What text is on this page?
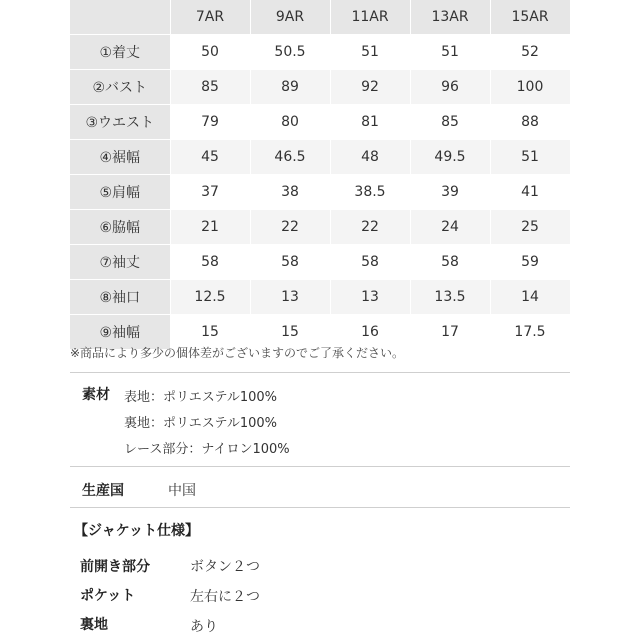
	7AR	9AR	11AR	13AR	15AR
①着丈	50	50.5	51	51	52
②バスト	85	89	92	96	100
③ウエスト	79	80	81	85	88
④裾幅	45	46.5	48	49.5	51
⑤肩幅	37	38	38.5	39	41
⑥脇幅	21	22	22	24	25
⑦袖丈	58	58	58	58	59
⑧袖口	12.5	13	13	13.5	14
⑨袖幅	15	15	16	17	17.5
※商品により多少の個体差がございますのでご了承ください。
素材 表地：ポリエステル100%
裏地：ポリエステル100%
レース部分：ナイロン100%
生産国	中国
【ジャケット仕様】
前開き部分	ボタン２つ
ポケット	左右に２つ
裏地	あり
